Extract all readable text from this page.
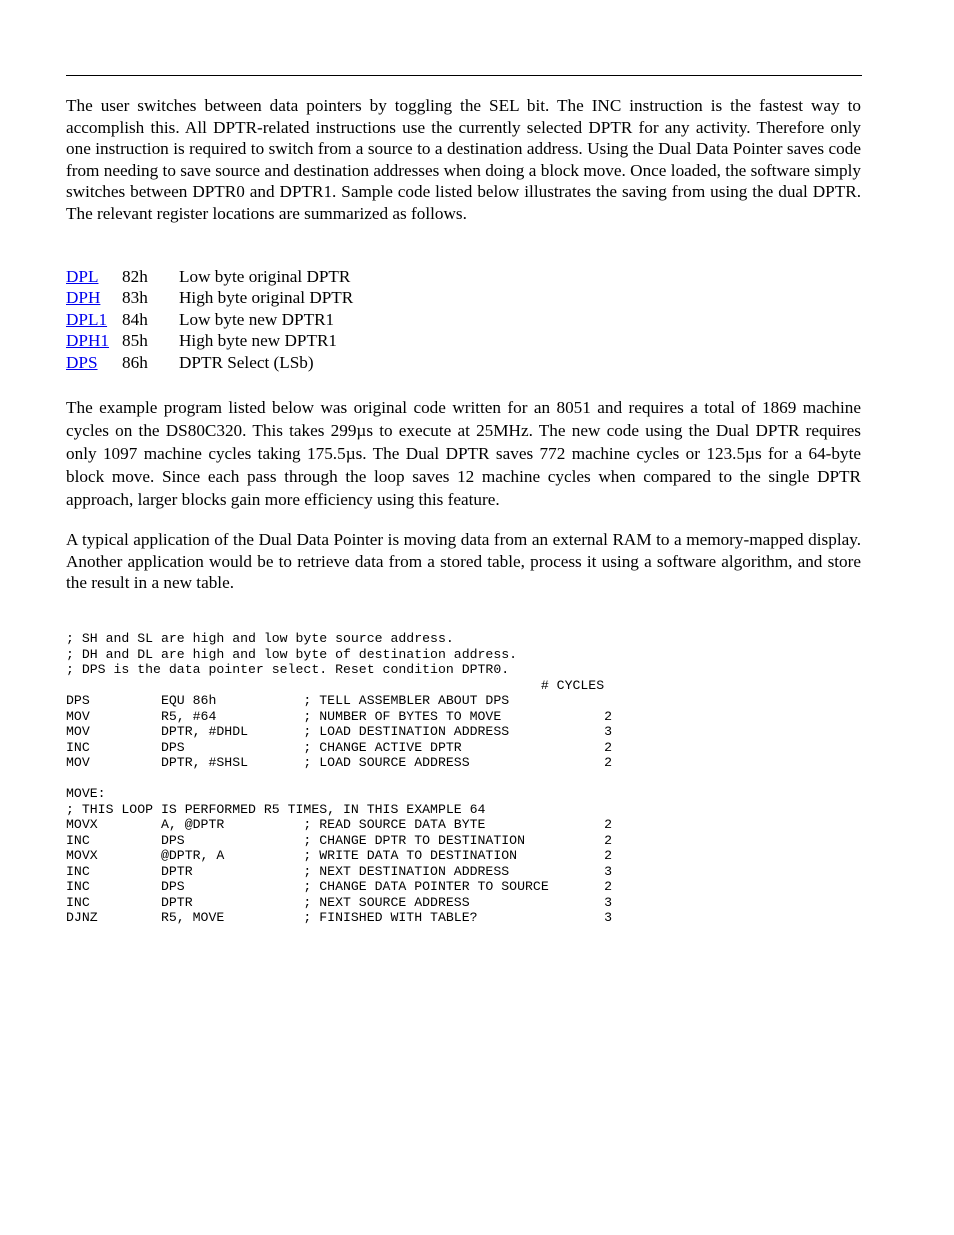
The user switches between data pointers by toggling the SEL bit. The INC instruction is the fastest way to accomplish this. All DPTR-related instructions use the currently selected DPTR for any activity. Therefore only one instruction is required to switch from a source to a destination address. Using the Dual Data Pointer saves code from needing to save source and destination addresses when doing a block move. Once loaded, the software simply switches between DPTR0 and DPTR1. Sample code listed below illustrates the saving from using the dual DPTR. The relevant register locations are summarized as follows.

DPL 82h Low byte original DPTR
DPH 83h High byte original DPTR
DPL1 84h Low byte new DPTR1
DPH1 85h High byte new DPTR1
DPS 86h DPTR Select (LSb)

The example program listed below was original code written for an 8051 and requires a total of 1869 machine cycles on the DS80C320. This takes 299µs to execute at 25MHz. The new code using the Dual DPTR requires only 1097 machine cycles taking 175.5µs. The Dual DPTR saves 772 machine cycles or 123.5µs for a 64-byte block move. Since each pass through the loop saves 12 machine cycles when compared to the single DPTR approach, larger blocks gain more efficiency using this feature.

A typical application of the Dual Data Pointer is moving data from an external RAM to a memory-mapped display. Another application would be to retrieve data from a stored table, process it using a software algorithm, and store the result in a new table.

; SH and SL are high and low byte source address.
; DH and DL are high and low byte of destination address.
; DPS is the data pointer select. Reset condition DPTR0.
# CYCLES
DPS         EQU 86h           ; TELL ASSEMBLER ABOUT DPS
MOV         R5, #64           ; NUMBER OF BYTES TO MOVE             2
MOV         DPTR, #DHDL       ; LOAD DESTINATION ADDRESS            3
INC         DPS               ; CHANGE ACTIVE DPTR                  2
MOV         DPTR, #SHSL       ; LOAD SOURCE ADDRESS                 2
MOVE:
; THIS LOOP IS PERFORMED R5 TIMES, IN THIS EXAMPLE 64
MOVX        A, @DPTR          ; READ SOURCE DATA BYTE               2
INC         DPS               ; CHANGE DPTR TO DESTINATION          2
MOVX        @DPTR, A          ; WRITE DATA TO DESTINATION           2
INC         DPTR              ; NEXT DESTINATION ADDRESS            3
INC         DPS               ; CHANGE DATA POINTER TO SOURCE       2
INC         DPTR              ; NEXT SOURCE ADDRESS                 3
DJNZ        R5, MOVE          ; FINISHED WITH TABLE?                3
